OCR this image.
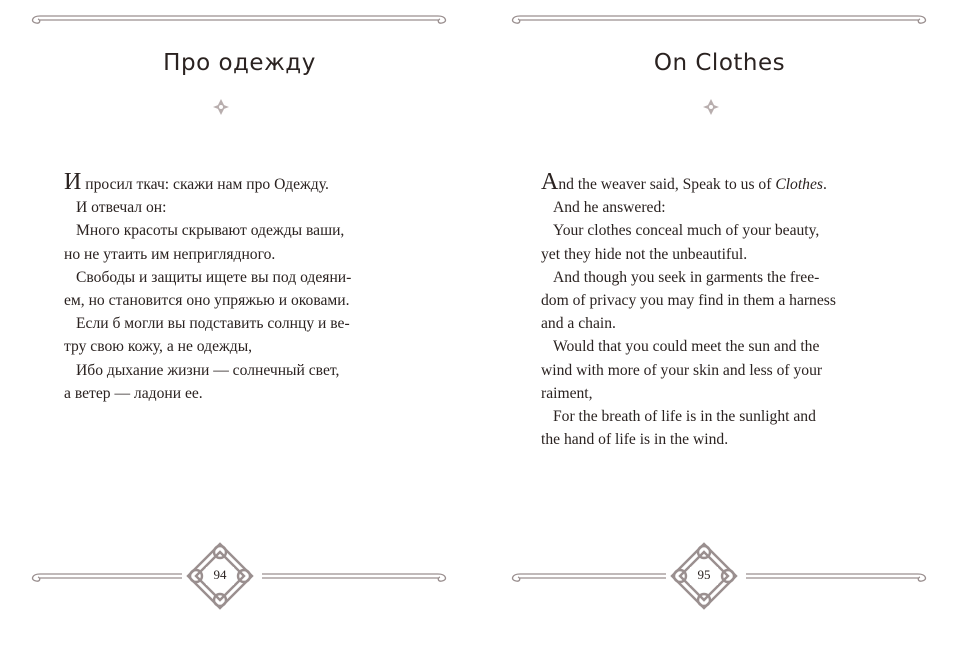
Про одежду
И просил ткач: скажи нам про Одежду.
И отвечал он:
Много красоты скрывают одежды ваши,
но не утаить им неприглядного.
Свободы и защиты ищете вы под одеяни-
ем, но становится оно упряжью и оковами.
Если б могли вы подставить солнцу и ве-
тру свою кожу, а не одежды,
Ибо дыхание жизни — солнечный свет,
а ветер — ладони ее.
94
On Clothes
And the weaver said, Speak to us of Clothes.
And he answered:
Your clothes conceal much of your beauty,
yet they hide not the unbeautiful.
And though you seek in garments the free-
dom of privacy you may find in them a harness
and a chain.
Would that you could meet the sun and the
wind with more of your skin and less of your
raiment,
For the breath of life is in the sunlight and
the hand of life is in the wind.
95
